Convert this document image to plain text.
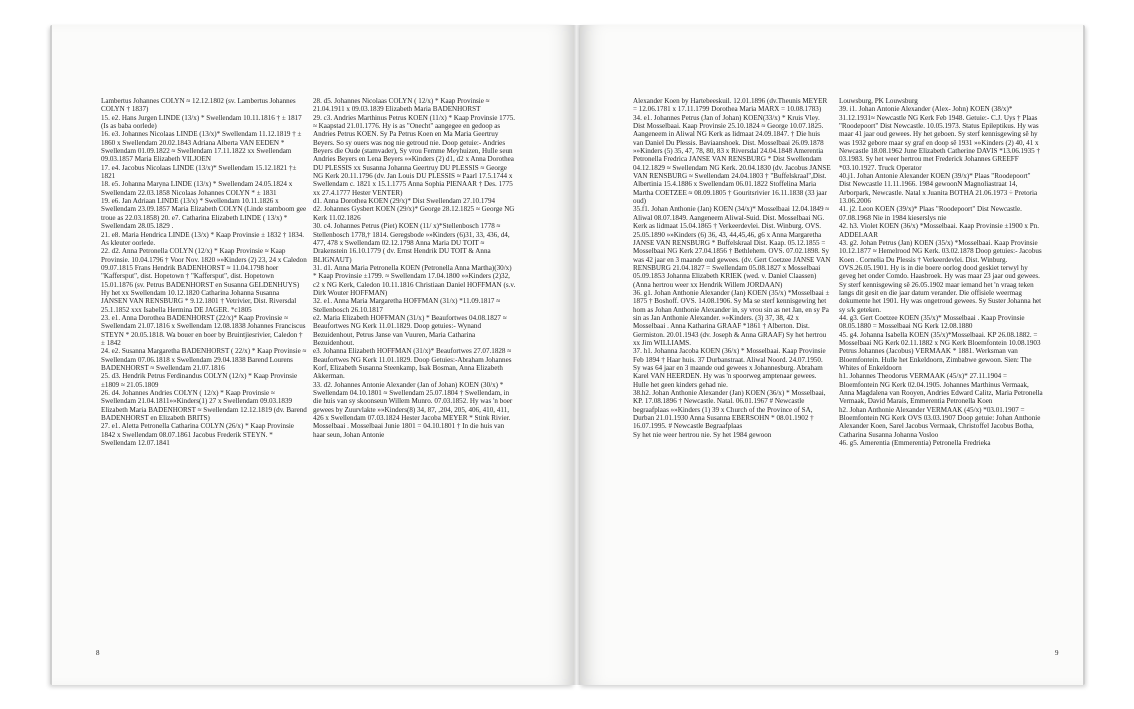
Lambertus Johannes COLYN ≈ 12.12.1802 (sv. Lambertus Johannes COLYN † 1837)

15. e2. Hans Jurgen LINDE (13/x) * Swellendam 10.11.1816 † ± 1817 (Is as baba oorlede)

16. e3. Johannes Nicolaas LINDE (13/x)* Swellendam 11.12.1819 † ± 1860 x Swellendam 20.02.1843 Adriana Alberta VAN EEDEN * Swellendam 01.09.1822 ≈ Swellendam 17.11.1822 xx Swellendam 09.03.1857 Maria Elizabeth VILJOEN

17. e4. Jacobus Nicolaas LINDE (13/x)* Swellendam 15.12.1821 †± 1821

18. e5. Johanna Maryna LINDE (13/x) * Swellendam 24.05.1824 x Swellendam 22.03.1858 Nicolaas Johannes COLYN * ± 1831

19. e6. Jan Adriaan LINDE (13/x) * Swellendam 10.11.1826 x Swellendam 23.09.1857 Maria Elizabeth COLYN (Linde stamboom gee troue as 22.03.1858) 20. e7. Catharina Elizabeth LINDE ( 13/x) * Swellendam 28.05.1829 .

21. e8. Maria Hendrica LINDE (13/x) * Kaap Provinsie ± 1832 † 1834. As kleuter oorlede.

22. d2. Anna Petronella COLYN (12/x) * Kaap Provinsie ≈ Kaap Provinsie. 10.04.1796 † Voor Nov. 1820 »»Kinders (2) 23, 24 x Caledon 09.07.1815 Frans Hendrik BADENHORST ≈ 11.04.1798 hoer "Kaffersput", dist. Hopetown † "Kaffersput", dist. Hopetown 15.01.1876 (sv. Petrus BADENHORST en Susanna GELDENHUYS) Hy het xx Swellendam 10.12.1820 Catharina Johanna Susanna JANSEN VAN RENSBURG * 9.12.1801 † Vetrivier, Dist. Riversdal 25.1.1852 xxx Isabella Hermina DE JAGER. *c1805

23. e1. Anna Dorothea BADENHORST (22/x)* Kaap Provinsie ≈ Swellendam 21.07.1816 x Swellendam 12.08.1838 Johannes Franciscus STEYN * 20.05.1818. Wa bouer en boer by Bruintjiesrivier, Caledon † ± 1842

24. e2. Susanna Margaretha BADENHORST ( 22/x) * Kaap Provinsie ≈ Swellendam 07.06.1818 x Swellendam 29.04.1838 Barend Lourens BADENHORST ≈ Swellendam 21.07.1816

25. d3. Hendrik Petrus Ferdinandus COLYN (12/x) * Kaap Provinsie ±1809 ≈ 21.05.1809

26. d4. Johannes Andries COLYN ( 12/x) * Kaap Provinsie ≈ Swellendam 21.04.1811»»Kinders(1) 27 x Swellendam 09.03.1839 Elizabeth Maria BADENHORST ≈ Swellendam 12.12.1819 (dv. Barend BADENHORST en Elizabeth BRITS)

27. e1. Aletta Petronella Catharina COLYN (26/x) * Kaap Provinsie 1842 x Swellendam 08.07.1861 Jacobus Frederik STEYN. * Swellendam 12.07.1841

28. d5. Johannes Nicolaas COLYN ( 12/x) * Kaap Provinsie ≈ 21.04.1911 x 09.03.1839 Elizabeth Maria BADENHORST

29. c3. Andries Marthinus Petrus KOEN (11/x) * Kaap Provinsie 1775. ≈ Kaapstad 21.01.1776. Hy is as "Onecht" aangegee en gedoop as Andries Petrus KOEN. Sy Pa Petrus Koen en Ma Maria Geertruy Beyers. So sy ouers was nog nie getroud nie. Doop getuie:- Andries Beyers die Oude (stamvader), Sy vrou Femme Meyhuizen, Hulle seun Andries Beyers en Lena Beyers »»Kinders (2) d1, d2 x Anna Dorothea DU PLESSIS xx Susanna Johanna Geertruy DU PLESSIS ≈ George NG Kerk 20.11.1796 (dv. Jan Louis DU PLESSIS ≈ Paarl 17.5.1744 x Swellendam c. 1821 x 15.1.1775 Anna Sophia PIENAAR † Des. 1775 xx 27.4.1777 Hester VENTER)

d1. Anna Dorothea KOEN (29/x)* Dist Swellendam 27.10.1794

d2. Johannes Gysbert KOEN (29/x)* George 28.12.1825 ≈ George NG Kerk 11.02.1826

30. c4. Johannes Petrus (Piet) KOEN (11/ x)*Stellenbosch 1778 ≈ Stellenbosch 1778,† 1814. Geregsbode »»Kinders (6)31, 33, 436, d4, 477, 478 x Swellendam 02.12.1798 Anna Maria DU TOIT ≈ Drakenstein 16.10.1779 ( dv. Ernst Hendrik DU TOIT & Anna BLIGNAUT)

31. d1. Anna Maria Petronella KOEN (Petronella Anna Martha)(30/x) * Kaap Provinsie ±1799. ≈ Swellendam 17.04.1800 »»Kinders (2)32, c2 x NG Kerk, Caledon 10.11.1816 Christiaan Daniel HOFFMAN (s.v. Dirk Wouter HOFFMAN)

32. e1. Anna Maria Margaretha HOFFMAN (31/x) *11.09.1817 ≈ Stellenbosch 26.10.1817

e2. Maria Elizabeth HOFFMAN (31/x) * Beaufortwes 04.08.1827 ≈ Beaufortwes NG Kerk 11.01.1829. Doop getuies:- Wynand Bezuidenhout, Petrus Janse van Vuuren, Maria Catharina Bezuidenhout.

e3. Johanna Elizabeth HOFFMAN (31/x)* Beaufortwes 27.07.1828 ≈ Beaufortwes NG Kerk 11.01.1829. Doop Getuies:-Abraham Johannes Korf, Elizabeth Susanna Steenkamp, Isak Bosman, Anna Elizabeth Akkerman.

33. d2. Johannes Antonie Alexander (Jan of Johan) KOEN (30/x) * Swellendam 04.10.1801 ≈ Swellendam 25.07.1804 † Swellendam, in die huis van sy skoonseun Willem Munro. 07.03.1852. Hy was 'n boer gewees by Zuurvlakte »»Kinders(8) 34, 87, ,204, 205, 406, 410, 411, 426 x Swellendam 07.03.1824 Hester Jacoba MEYER * Stink Rivier. Mosselbaai . Mosselbaai Junie 1801 = 04.10.1801 † In die huis van haar seun, Johan Antonie

8

Alexander Koen by Hartebeeskuil. 12.01.1896 (dv.Theunis MEYER = 12.06.1781 x 17.11.1799 Dorothea Maria MARX = 10.08.1783)

34. e1. Johannes Petrus (Jan of Johan) KOEN(33/x) * Kruis Vley. Dist Mosselbaai. Kaap Provinsie 25.10.1824 ≈ George 10.07.1825. Aangeneem in Aliwal NG Kerk as lidmaat 24.09.1847. † Die huis van Daniel Du Plessis. Baviaanshoek. Dist. Mosselbaai 26.09.1878 »»Kinders (5) 35, 47, 78, 80, 83 x Riversdal 24.04.1848 Amerentia Petronella Fredrica JANSE VAN RENSBURG * Dist Swellendam 04.12.1829 ≈ Swellendam NG Kerk. 20.04.1830 (dv. Jacobus JANSE VAN RENSBURG ≈ Swellendam 24.04.1803 † "Buffelskraal",Dist. Albertinia 15.4.1886 x Swellendam 06.01.1822 Stoffelina Maria Martha COETZEE ≈ 08.09.1805 † Gouritsrivier 16.11.1838 (33 jaar oud)

35.f1. Johan Anthonie (Jan) KOEN (34/x)* Mosselbaai 12.04.1849 ≈ Aliwal 08.07.1849. Aangeneem Aliwal-Suid. Dist. Mosselbaai NG. Kerk as lidmaat 15.04.1865 † Verkeerdevlei. Dist. Winburg. OVS. 25.05.1890 »»Kinders (6) 36, 43, 44,45,46, g6 x Anna Margaretha JANSE VAN RENSBURG * Buffelskraal Dist. Kaap. 05.12.1855 = Mosselbaai NG Kerk 27.04.1856 † Bethlehem. OVS. 07.02.1898. Sy was 42 jaar en 3 maande oud gewees. (dv. Gert Coetzee JANSE VAN RENSBURG 21.04.1827 = Swellendam 05.08.1827 x Mosselbaai 05.09.1853 Johanna Elizabeth KRIEK (wed. v. Daniel Claassen) (Anna hertrou weer xx Hendrik Willem JORDAAN)

36. g1. Johan Anthonie Alexander (Jan) KOEN (35/x) *Mosselbaai ± 1875 † Boshoff. OVS. 14.08.1906. Sy Ma se sterf kennisgewing het hom as Johan Anthonie Alexander in, sy vrou sin as net Jan, en sy Pa sin as Jan Anthonie Alexander. »»Kinders. (3) 37, 38, 42 x Mosselbaai . Anna Katharina GRAAF *1861 † Alberton. Dist. Germiston. 20.01.1943 (dv. Joseph & Anna GRAAF) Sy het hertrou xx Jim WILLIAMS.

37. h1. Johanna Jacoba KOEN (36/x) * Mosselbaai. Kaap Provinsie Feb 1894 † Haar huis. 37 Durbanstraat. Aliwal Noord. 24.07.1950. Sy was 64 jaar en 3 maande oud gewees x Johannesburg. Abraham Karel VAN HEERDEN. Hy was 'n spoorweg amptenaar gewees. Hulle het geen kinders gehad nie.

38.h2. Johan Anthonie Alexander (Jan) KOEN (36/x) * Mosselbaai, KP. 17.08.1896 † Newcastle. Natal. 06.01.1967 # Newcastle begraafplaas »»Kinders (1) 39 x Church of the Province of SA, Durban 21.01.1930 Anna Susanna EBERSOHN * 08.01.1902 † 16.07.1995. # Newcastle Begraafplaas

Sy het nie weer hertrou nie. Sy het 1984 gewoon

Louwsburg, PK Louwsburg

39. i1. Johan Antonie Alexander (Alex- John) KOEN (38/x)* 31.12.1931≈ Newcastle NG Kerk Feb 1948. Getuie:- C.J. Uys † Plaas "Roodepoort" Dist Newcastle. 10.05.1973. Status Epileptikus. Hy was maar 41 jaar oud gewees. Hy het geboen. Sy sterf kennisgewing sê hy was 1932 gebore maar sy graf en doop sê 1931 »»Kinders (2) 40, 41 x Newcastle 18.08.1962 June Elizabeth Catherine DAVIS *13.06.1935 † 03.1983. Sy het weer hertrou met Frederick Johannes GREEFF *03.10.1927. Truck Operator

40.j1. Johan Antonie Alexander KOEN (39/x)* Plaas "Roodepoort" Dist Newcastle 11.11.1966. 1984 gewoonN Magnoliastraat 14, Arborpark, Newcastle. Natal x Juanita BOTHA 21.06.1973 ÷ Pretoria 13.06.2006

41. j2. Leon KOEN (39/x)* Plaas "Roodepoort" Dist Newcastle. 07.08.1968 Nie in 1984 kieserslys nie

42. h3. Violet KOEN (36/x) *Mosselbaai. Kaap Provinsie ±1900 x Pn. ADDELAAR

43. g2. Johan Petrus (Jan) KOEN (35/x) *Mosselbaai. Kaap Provinsie 10.12.1877 ≈ Hemelrood NG Kerk. 03.02.1878 Doop getuies:- Jacobus Koen . Cornelia Du Plessis † Verkeerdevlei. Dist. Winburg. OVS.26.05.1901. Hy is in die boere oorlog dood geskiet terwyl hy geveg het onder Comdo. Haasbroek. Hy was maar 23 jaar oud gewees. Sy sterf kennisgewing sê 26.05.1902 maar iemand het 'n vraag teken langs dit gesit en die jaar datum verander. Die offisiele weermag dokumente het 1901. Hy was ongetroud gewees. Sy Suster Johanna het sy s/k geteken.

44. g3. Gert Coetzee KOEN (35/x)* Mosselbaai . Kaap Provinsie 08.05.1880 = Mosselbaai NG Kerk 12.08.1880

45. g4. Johanna Isabella KOEN (35/x)*Mosselbaai. KP 26.08.1882. = Mosselbaai NG Kerk 02.11.1882 x NG Kerk Bloemfontein 10.08.1903 Petrus Johannes (Jacobus) VERMAAK * 1881. Werksman van Bloemfontein. Hulle het Enkeldoorn, Zimbabwe gewoon. Sien: The Whites of Enkeldoorn

h1. Johannes Theodorus VERMAAK (45/x)* 27.11.1904 = Bloemfontein NG Kerk 02.04.1905. Johannes Marthinus Vermaak, Anna Magdalena van Rooyen, Andries Edward Calitz, Maria Petronella Vermaak, David Marais, Emmerentia Petronella Koen

h2. Johan Anthonie Alexander VERMAAK (45/x) *03.01.1907 = Bloemfontein NG Kerk OVS 03.03.1907 Doop getuie: Johan Anthonie Alexander Koen, Sarel Jacobus Vermaak, Christoffel Jacobus Botha, Catharina Susanna Johanna Vosloo

46. g5. Amerentia (Emmerentia) Petronella Fredrieka

9
